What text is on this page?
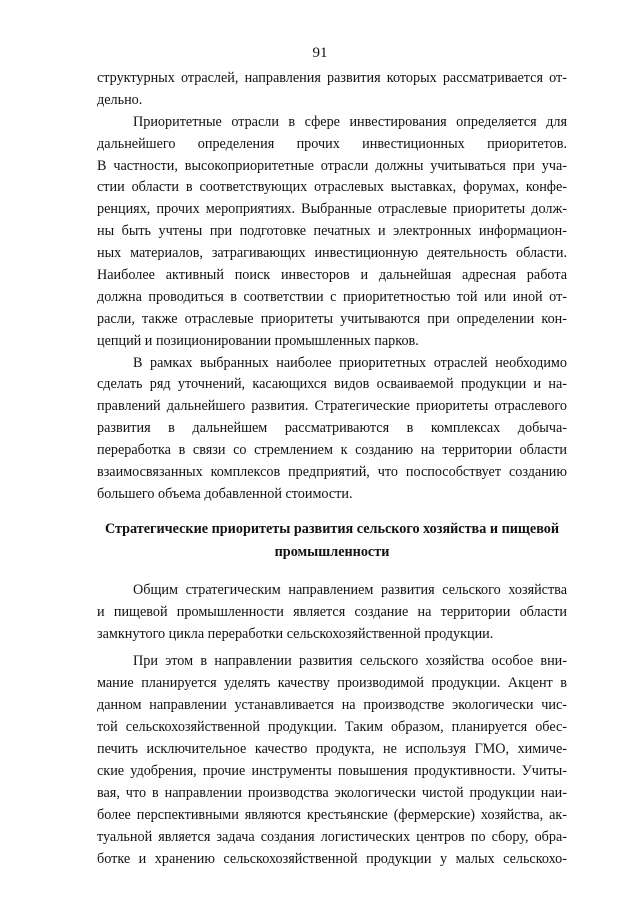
91
структурных отраслей, направления развития которых рассматривается от-
дельно.
Приоритетные отрасли в сфере инвестирования определяется для
дальнейшего определения прочих инвестиционных приоритетов.
В частности, высокоприоритетные отрасли должны учитываться при уча-
стии области в соответствующих отраслевых выставках, форумах, конфе-
ренциях, прочих мероприятиях. Выбранные отраслевые приоритеты долж-
ны быть учтены при подготовке печатных и электронных информацион-
ных материалов, затрагивающих инвестиционную деятельность области.
Наиболее активный поиск инвесторов и дальнейшая адресная работа
должна проводиться в соответствии с приоритетностью той или иной от-
расли, также отраслевые приоритеты учитываются при определении кон-
цепций и позиционировании промышленных парков.
В рамках выбранных наиболее приоритетных отраслей необходимо
сделать ряд уточнений, касающихся видов осваиваемой продукции и на-
правлений дальнейшего развития. Стратегические приоритеты отраслевого
развития в дальнейшем рассматриваются в комплексах добыча-
переработка в связи со стремлением к созданию на территории области
взаимосвязанных комплексов предприятий, что поспособствует созданию
большего объема добавленной стоимости.
Стратегические приоритеты развития сельского хозяйства и пищевой
промышленности
Общим стратегическим направлением развития сельского хозяйства
и пищевой промышленности является создание на территории области
замкнутого цикла переработки сельскохозяйственной продукции.
При этом в направлении развития сельского хозяйства особое вни-
мание планируется уделять качеству производимой продукции. Акцент в
данном направлении устанавливается на производстве экологически чис-
той сельскохозяйственной продукции. Таким образом, планируется обес-
печить исключительное качество продукта, не используя ГМО, химиче-
ские удобрения, прочие инструменты повышения продуктивности. Учиты-
вая, что в направлении производства экологически чистой продукции наи-
более перспективными являются крестьянские (фермерские) хозяйства, ак-
туальной является задача создания логистических центров по сбору, обра-
ботке и хранению сельскохозяйственной продукции у малых сельскохо-
